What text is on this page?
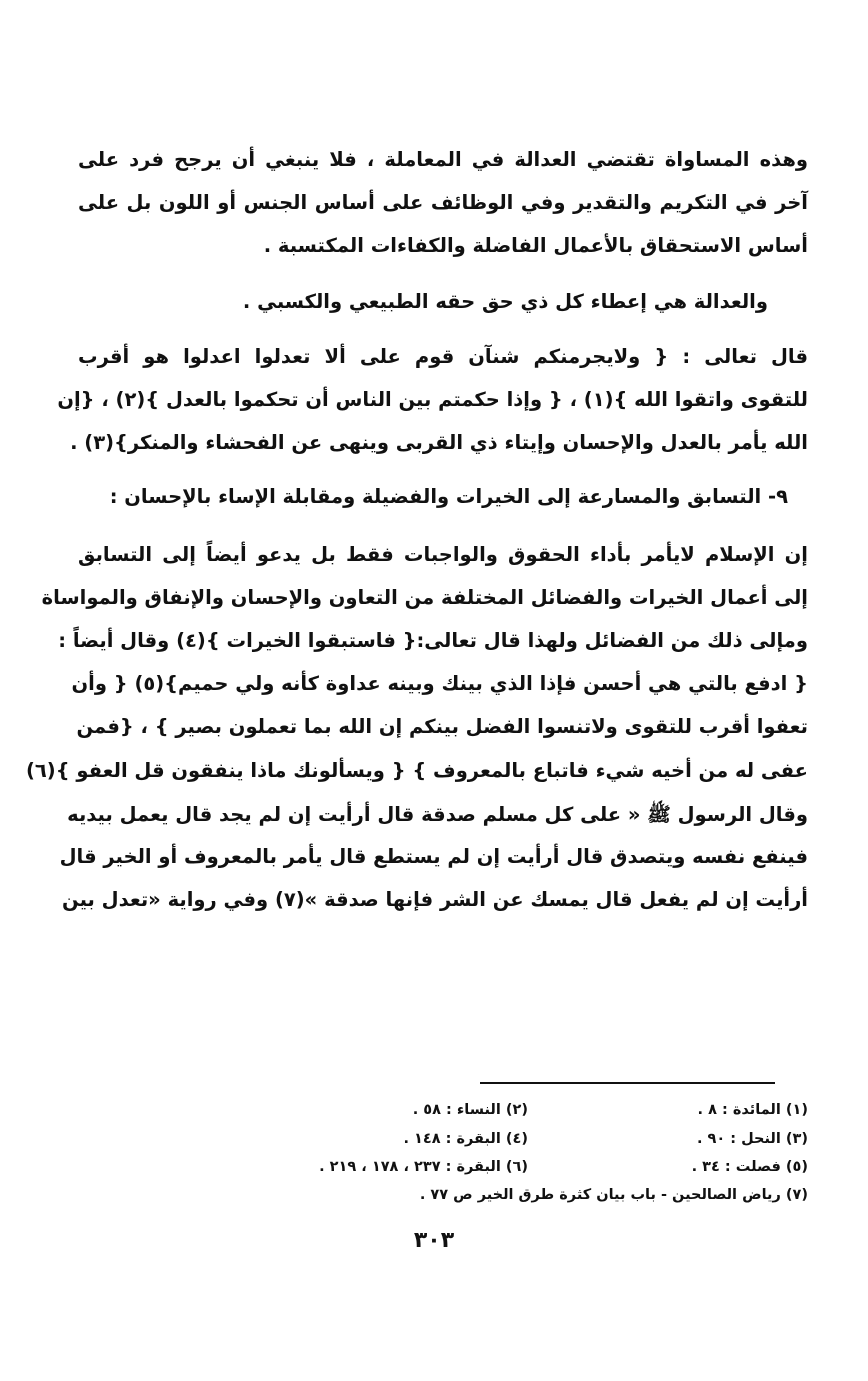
وهذه المساواة تقتضي العدالة في المعاملة ، فلا ينبغي أن يرجح فرد على
آخر في التكريم والتقدير وفي الوظائف على أساس الجنس أو اللون بل على
أساس الاستحقاق بالأعمال الفاضلة والكفاءات المكتسبة .
والعدالة هي إعطاء كل ذي حق حقه الطبيعي والكسبي .
قال تعالى : { ولايجرمنكم شنآن قوم على ألا تعدلوا اعدلوا هو أقرب
للتقوى واتقوا الله }(١) ، { وإذا حكمتم بين الناس أن تحكموا بالعدل }(٢) ، {إن
الله يأمر بالعدل والإحسان وإيتاء ذي القربى وينهى عن الفحشاء والمنكر}(٣) .
٩- التسابق والمسارعة إلى الخيرات والفضيلة ومقابلة الإساء بالإحسان :
إن الإسلام لايأمر بأداء الحقوق والواجبات فقط بل يدعو أيضاً إلى التسابق
إلى أعمال الخيرات والفضائل المختلفة من التعاون والإحسان والإنفاق والمواساة
ومإلى ذلك من الفضائل ولهذا قال تعالى:{ فاستبقوا الخيرات }(٤) وقال أيضاً :
{ ادفع بالتي هي أحسن فإذا الذي بينك وبينه عداوة كأنه ولي حميم}(٥) { وأن
تعفوا أقرب للتقوى ولاتنسوا الفضل بينكم إن الله بما تعملون بصير } ، {فمن
عفى له من أخيه شيء فاتباع بالمعروف } { ويسألونك ماذا ينفقون قل العفو }(٦)
وقال الرسول ﷺ « على كل مسلم صدقة قال أرأيت إن لم يجد قال يعمل بيديه
فينفع نفسه ويتصدق قال أرأيت إن لم يستطع قال يأمر بالمعروف أو الخير قال
أرأيت إن لم يفعل قال يمسك عن الشر فإنها صدقة »(٧) وفي رواية «تعدل بين
(١) المائدة : ٨ .
(٢) النساء : ٥٨ .
(٣) النحل : ٩٠ .
(٤) البقرة : ١٤٨ .
(٥) فصلت : ٣٤ .
(٦) البقرة : ٢٣٧ ، ١٧٨ ، ٢١٩ .
(٧) رياض الصالحين - باب بيان كثرة طرق الخير ص ٧٧ .
٣٠٣
